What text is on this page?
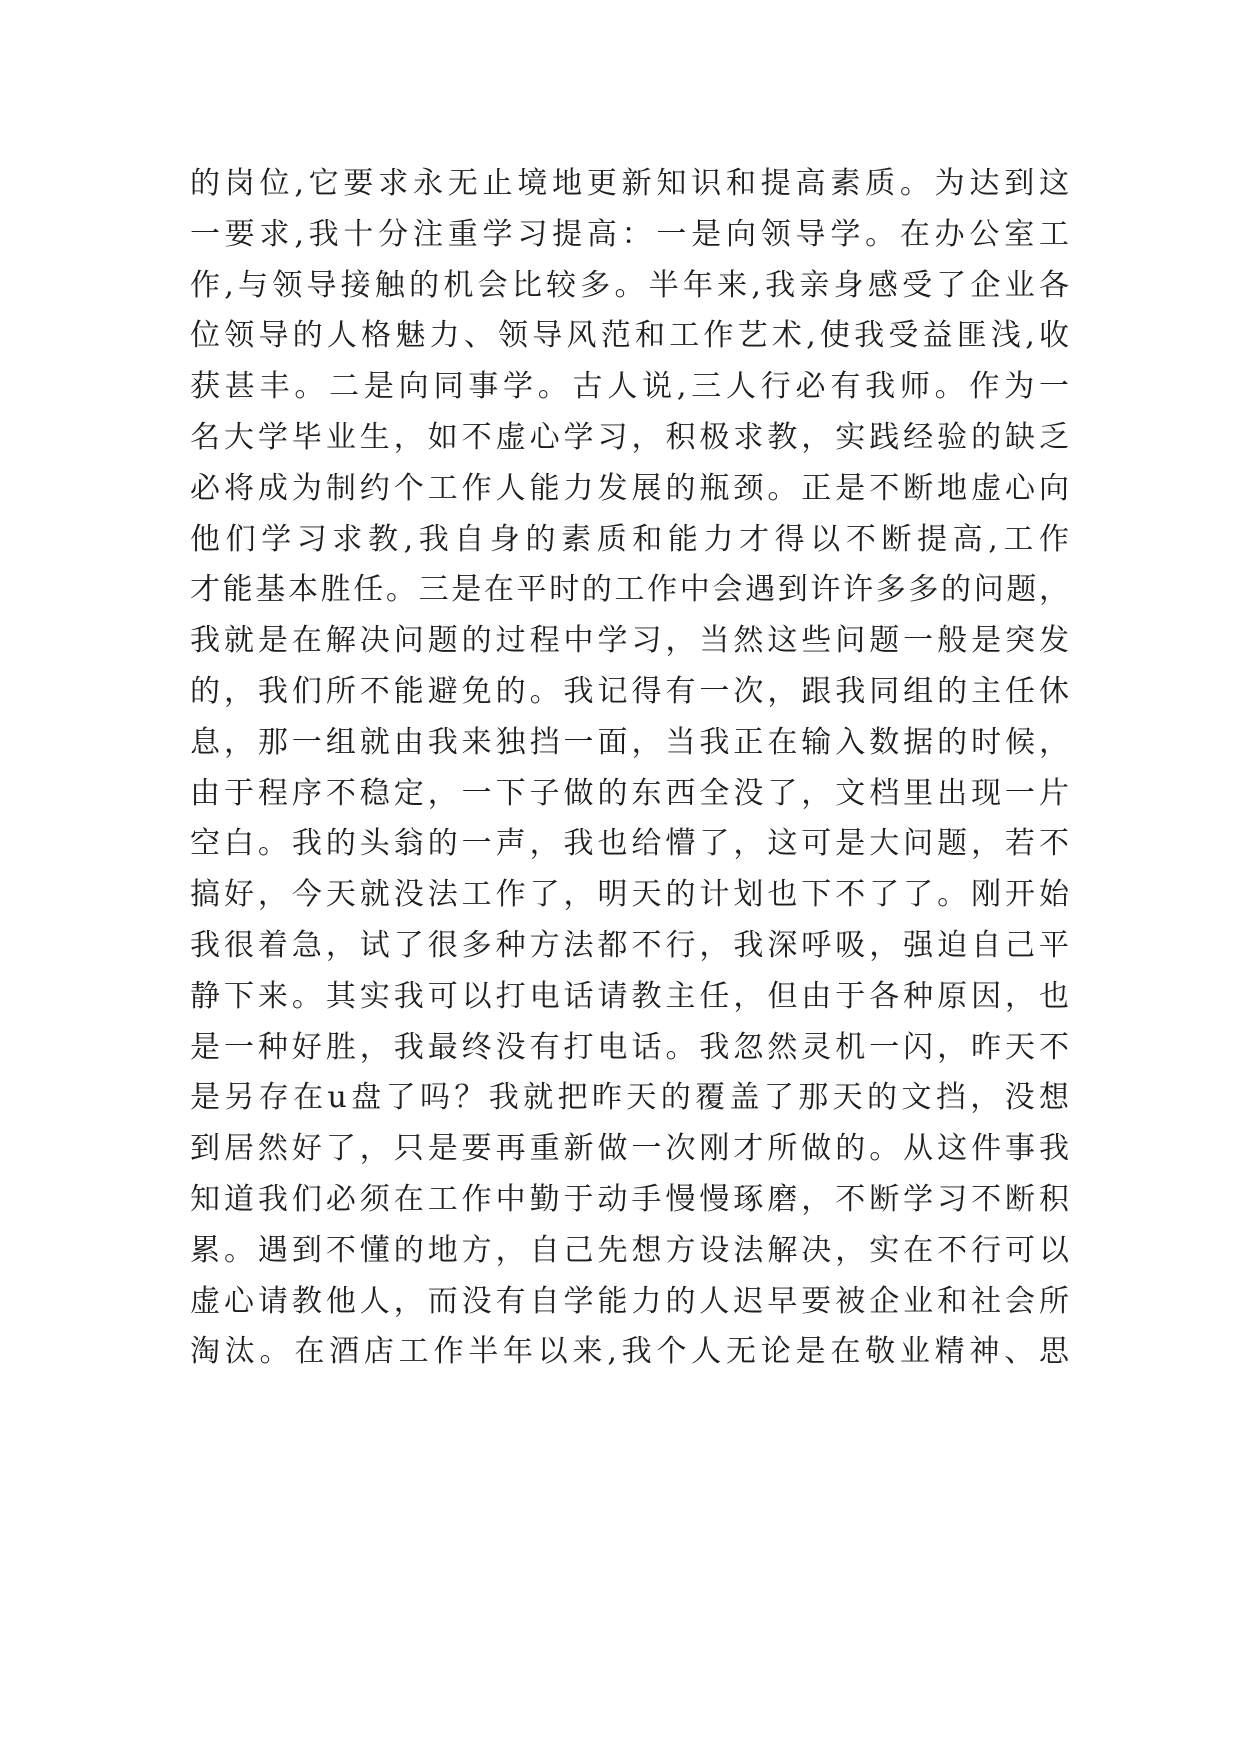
的岗位,它要求永无止境地更新知识和提高素质。为达到这
一要求,我十分注重学习提高：一是向领导学。在办公室工
作,与领导接触的机会比较多。半年来,我亲身感受了企业各
位领导的人格魅力、领导风范和工作艺术,使我受益匪浅,收
获甚丰。二是向同事学。古人说,三人行必有我师。作为一
名大学毕业生，如不虚心学习，积极求教，实践经验的缺乏
必将成为制约个工作人能力发展的瓶颈。正是不断地虚心向
他们学习求教,我自身的素质和能力才得以不断提高,工作
才能基本胜任。三是在平时的工作中会遇到许许多多的问题，
我就是在解决问题的过程中学习，当然这些问题一般是突发
的，我们所不能避免的。我记得有一次，跟我同组的主任休
息，那一组就由我来独挡一面，当我正在输入数据的时候，
由于程序不稳定，一下子做的东西全没了，文档里出现一片
空白。我的头翁的一声，我也给懵了，这可是大问题，若不
搞好，今天就没法工作了，明天的计划也下不了了。刚开始
我很着急，试了很多种方法都不行，我深呼吸，强迫自己平
静下来。其实我可以打电话请教主任，但由于各种原因，也
是一种好胜，我最终没有打电话。我忽然灵机一闪，昨天不
是另存在u盘了吗？我就把昨天的覆盖了那天的文挡，没想
到居然好了，只是要再重新做一次刚才所做的。从这件事我
知道我们必须在工作中勤于动手慢慢琢磨，不断学习不断积
累。遇到不懂的地方，自己先想方设法解决，实在不行可以
虚心请教他人，而没有自学能力的人迟早要被企业和社会所
淘汰。在酒店工作半年以来,我个人无论是在敬业精神、思
